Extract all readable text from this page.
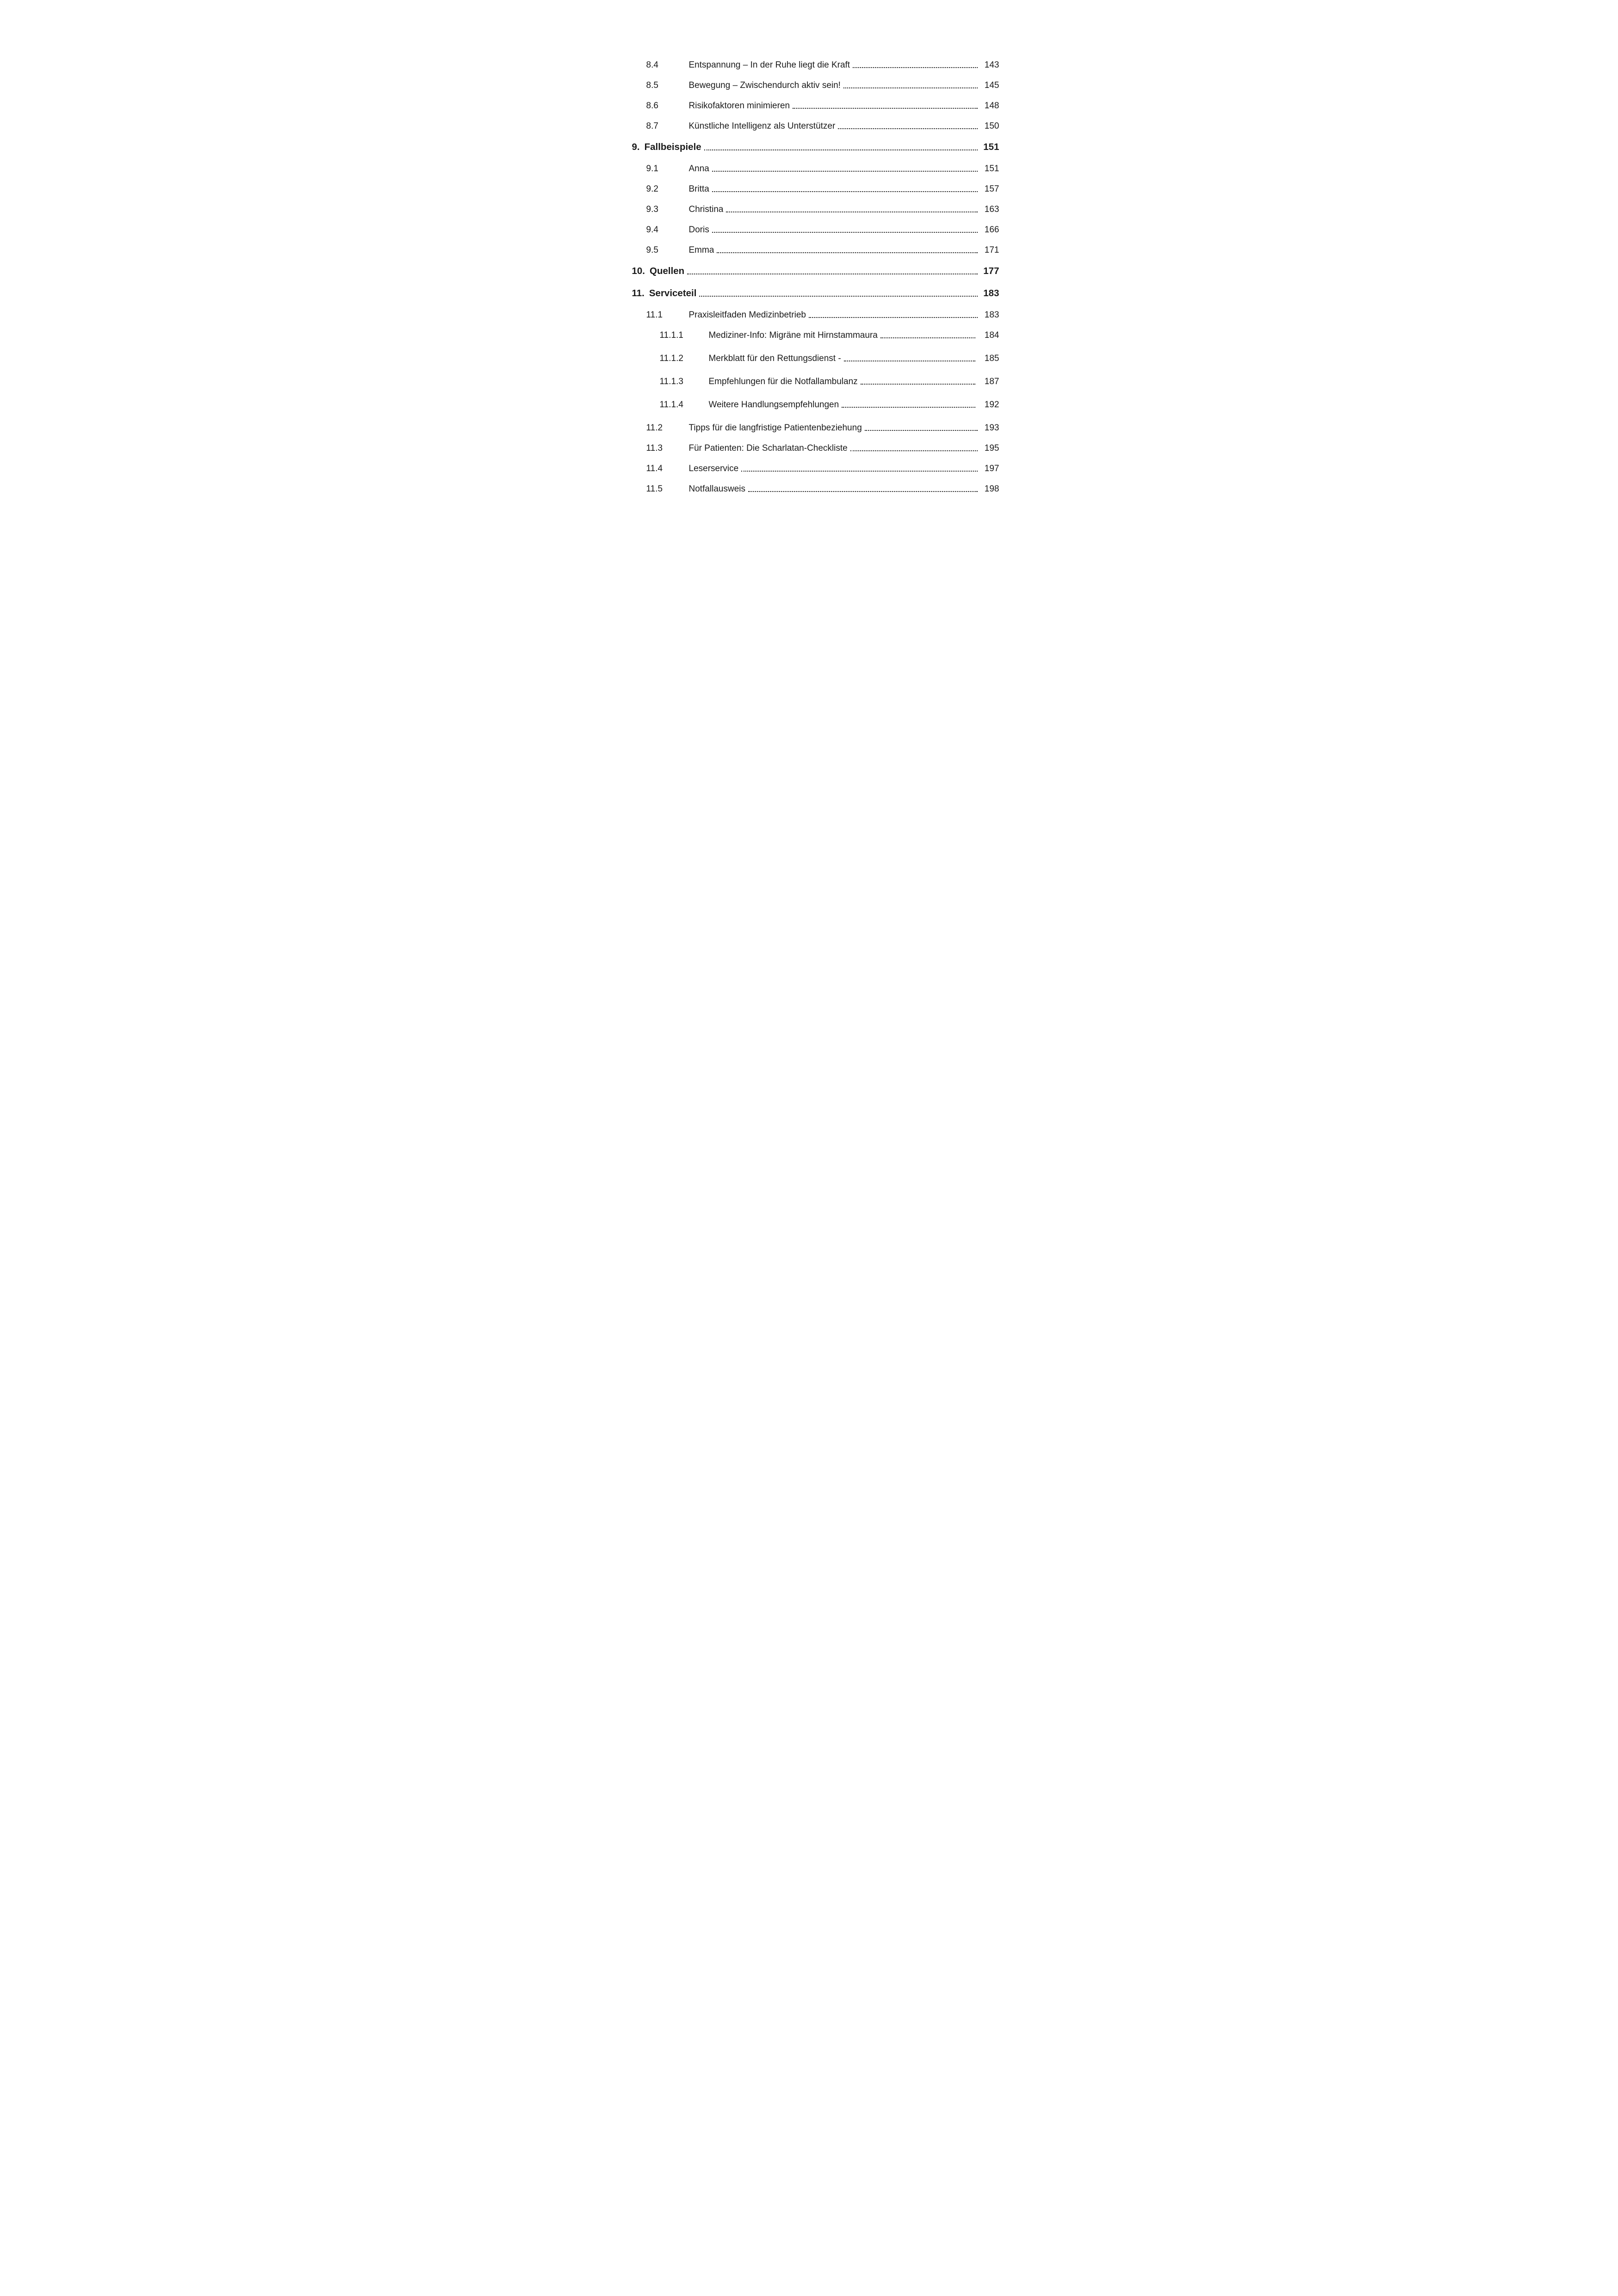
8.4	Entspannung – In der Ruhe liegt die Kraft	143
8.5	Bewegung – Zwischendurch aktiv sein!	145
8.6	Risikofaktoren minimieren	148
8.7	Künstliche Intelligenz als Unterstützer	150
9. Fallbeispiele	151
9.1	Anna	151
9.2	Britta	157
9.3	Christina	163
9.4	Doris	166
9.5	Emma	171
10. Quellen	177
11. Serviceteil	183
11.1	Praxisleitfaden Medizinbetrieb	183
11.1.1	Mediziner-Info: Migräne mit Hirnstammaura	184
11.1.2	Merkblatt für den Rettungsdienst -	185
11.1.3	Empfehlungen für die Notfallambulanz	187
11.1.4	Weitere Handlungsempfehlungen	192
11.2	Tipps für die langfristige Patientenbeziehung	193
11.3	Für Patienten: Die Scharlatan-Checkliste	195
11.4	Leserservice	197
11.5	Notfallausweis	198
